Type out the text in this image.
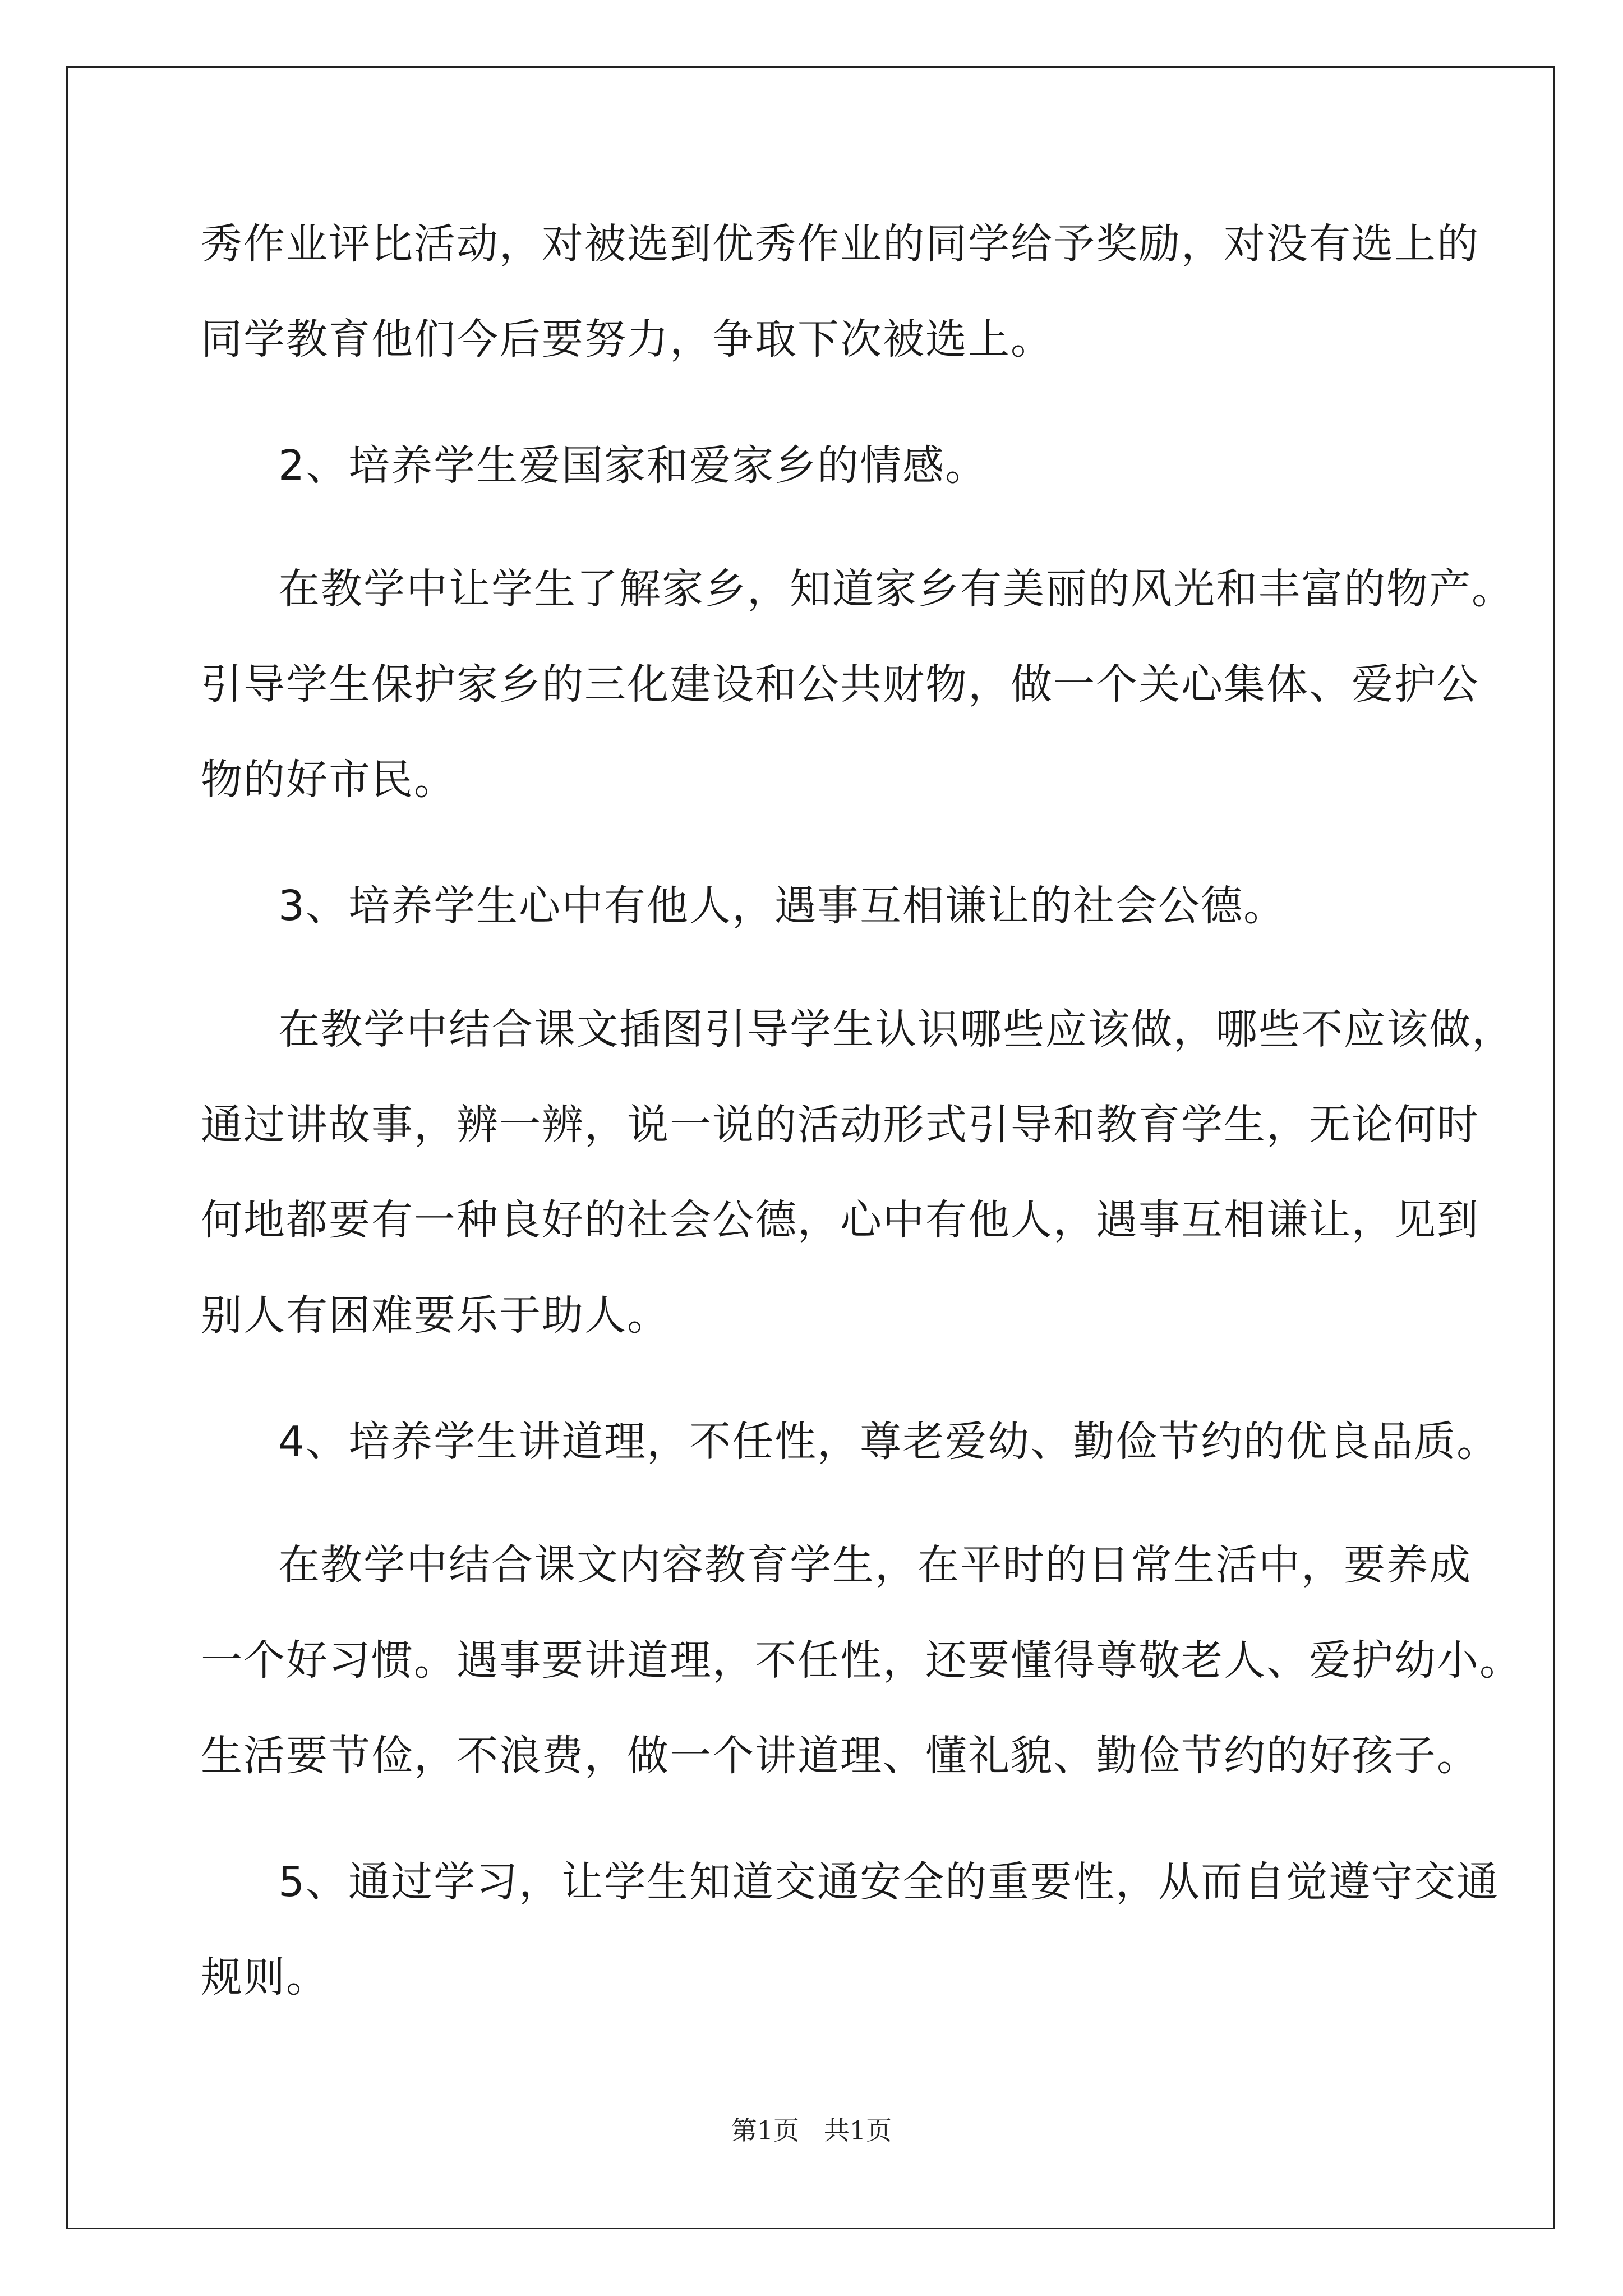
秀作业评比活动，对被选到优秀作业的同学给予奖励，对没有选上的
同学教育他们今后要努力，争取下次被选上。
2、培养学生爱国家和爱家乡的情感。
在教学中让学生了解家乡，知道家乡有美丽的风光和丰富的物产。
引导学生保护家乡的三化建设和公共财物，做一个关心集体、爱护公
物的好市民。
3、培养学生心中有他人，遇事互相谦让的社会公德。
在教学中结合课文插图引导学生认识哪些应该做，哪些不应该做，
通过讲故事，辨一辨，说一说的活动形式引导和教育学生，无论何时
何地都要有一种良好的社会公德，心中有他人，遇事互相谦让，见到
别人有困难要乐于助人。
4、培养学生讲道理，不任性，尊老爱幼、勤俭节约的优良品质。
在教学中结合课文内容教育学生，在平时的日常生活中，要养成
一个好习惯。遇事要讲道理，不任性，还要懂得尊敬老人、爱护幼小。
生活要节俭，不浪费，做一个讲道理、懂礼貌、勤俭节约的好孩子。
5、通过学习，让学生知道交通安全的重要性，从而自觉遵守交通
规则。
第1页   共1页
